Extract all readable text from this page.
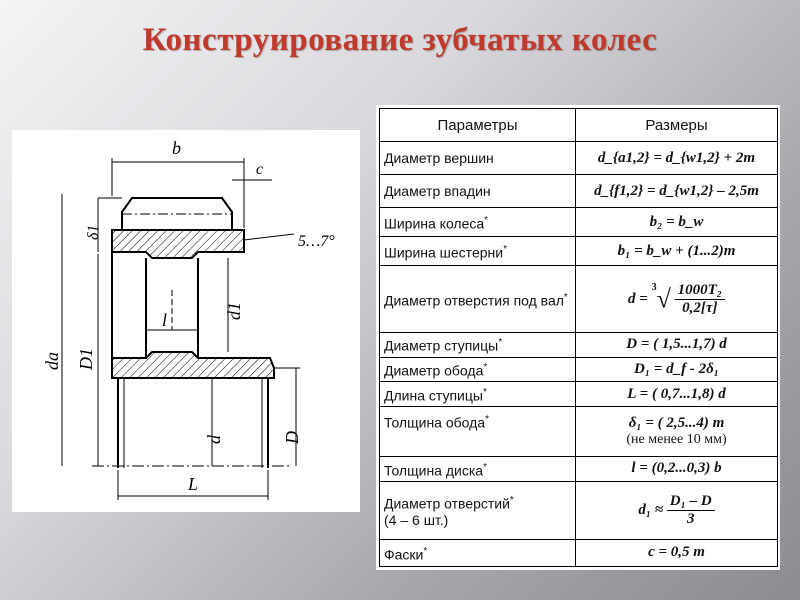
Конструирование зубчатых колес
b
c
5…7°
δ1
da D1
d1
l
d	D
L
Параметры	Размеры
Диаметр вершин	d_{a1,2} = d_{w1,2} + 2m
Диаметр впадин	d_{f1,2} = d_{w1,2} – 2,5m
Ширина колеса*	b₂ = b_w
Ширина шестерни*	b₁ = b_w + (1...2)m
Диаметр отверстия под вал*	$d = ^3√ \frac{\text{1000T₂}}{0,2[\tau]}$

Диаметр ступицы*	D = ( 1,5...1,7) d
Диаметр обода*	D₁ = d_f - 2δ₁
Длина ступицы*	L = ( 0,7...1,8) d
Толщина обода*	δ₁ = ( 2,5...4) m
(не менее 10 мм)

Толщина диска*	l = (0,2...0,3) b
Диаметр отверстий*
(4 – 6 шт.)	$d_1 \approx \frac{\text{D₁ – D}}{3}$

Фаски*	c = 0,5 m
